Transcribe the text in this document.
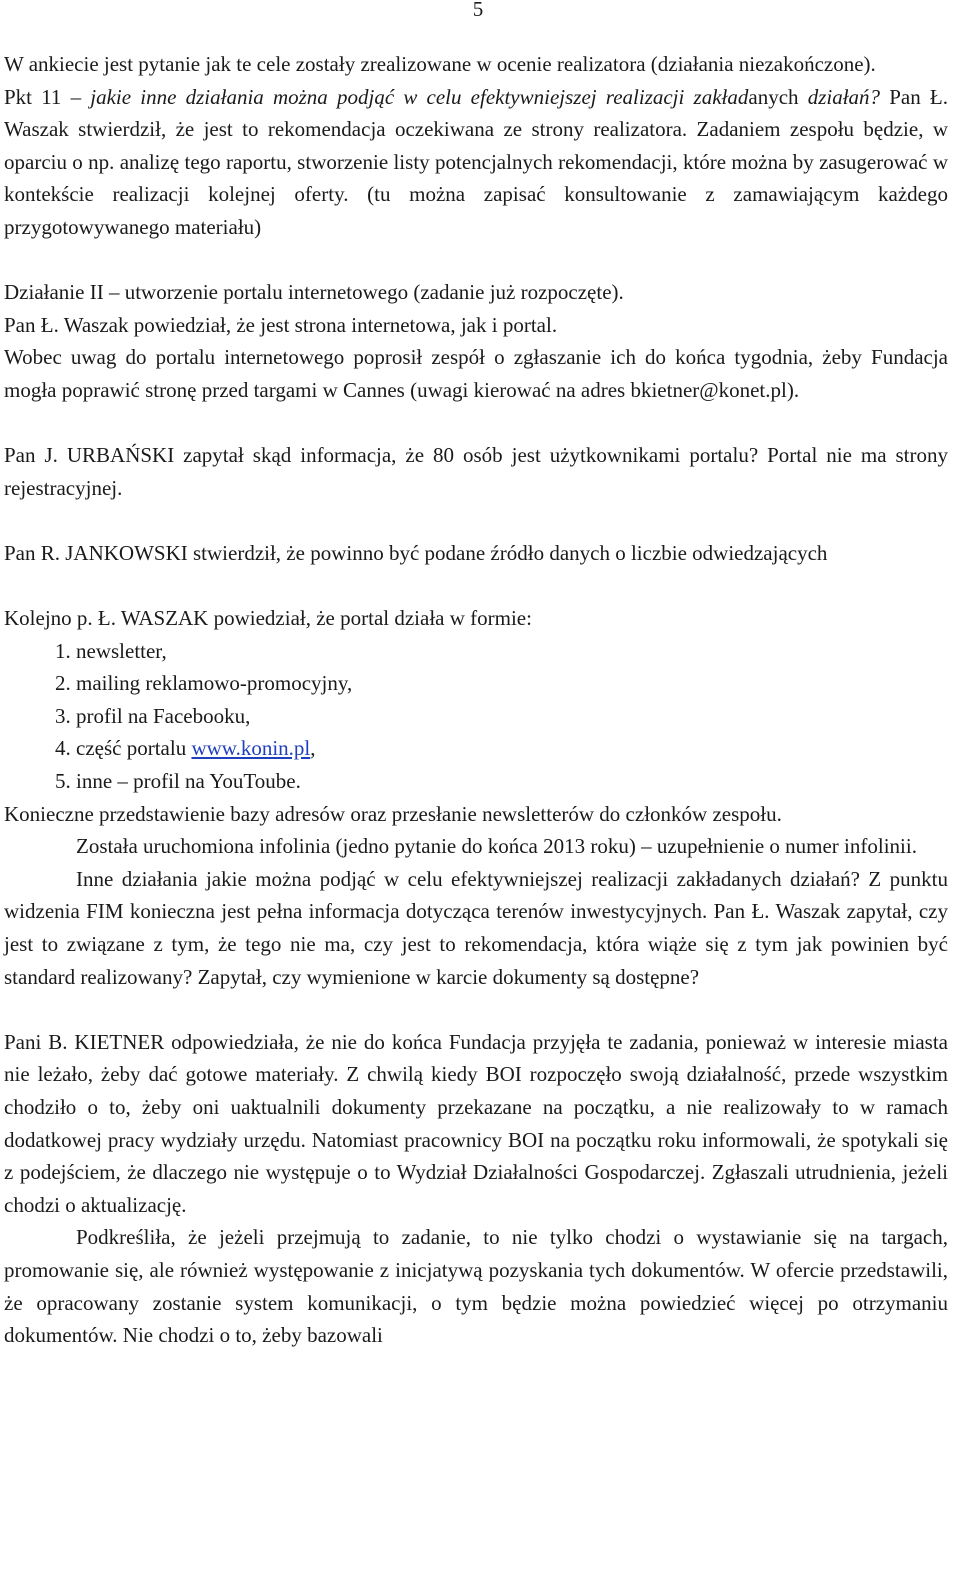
5

W ankiecie jest pytanie jak te cele zostały zrealizowane w ocenie realizatora (działania niezakończone).

Pkt 11 – jakie inne działania można podjąć w celu efektywniejszej realizacji zakładanych działań? Pan Ł. Waszak stwierdził, że jest to rekomendacja oczekiwana ze strony realizatora. Zadaniem zespołu będzie, w oparciu o np. analizę tego raportu, stworzenie listy potencjalnych rekomendacji, które można by zasugerować w kontekście realizacji kolejnej oferty. (tu można zapisać konsultowanie z zamawiającym każdego przygotowywanego materiału)

Działanie II – utworzenie portalu internetowego (zadanie już rozpoczęte).

Pan Ł. Waszak powiedział, że jest strona internetowa, jak i portal.

Wobec uwag do portalu internetowego poprosił zespół o zgłaszanie ich do końca tygodnia, żeby Fundacja mogła poprawić stronę przed targami w Cannes (uwagi kierować na adres bkietner@konet.pl).

Pan J. URBAŃSKI zapytał skąd informacja, że 80 osób jest użytkownikami portalu? Portal nie ma strony rejestracyjnej.

Pan R. JANKOWSKI stwierdził, że powinno być podane źródło danych o liczbie odwiedzających

Kolejno p. Ł. WASZAK powiedział, że portal działa w formie:

1. newsletter,
2. mailing reklamowo-promocyjny,
3. profil na Facebooku,
4. część portalu www.konin.pl,
5. inne – profil na YouToube.

Konieczne przedstawienie bazy adresów oraz przesłanie newsletterów do członków zespołu.

Została uruchomiona infolinia (jedno pytanie do końca 2013 roku) – uzupełnienie o numer infolinii.

Inne działania jakie można podjąć w celu efektywniejszej realizacji zakładanych działań? Z punktu widzenia FIM konieczna jest pełna informacja dotycząca terenów inwestycyjnych. Pan Ł. Waszak zapytał, czy jest to związane z tym, że tego nie ma, czy jest to rekomendacja, która wiąże się z tym jak powinien być standard realizowany? Zapytał, czy wymienione w karcie dokumenty są dostępne?

Pani B. KIETNER odpowiedziała, że nie do końca Fundacja przyjęła te zadania, ponieważ w interesie miasta nie leżało, żeby dać gotowe materiały. Z chwilą kiedy BOI rozpoczęło swoją działalność, przede wszystkim chodziło o to, żeby oni uaktualnili dokumenty przekazane na początku, a nie realizowały to w ramach dodatkowej pracy wydziały urzędu. Natomiast pracownicy BOI na początku roku informowali, że spotykali się z podejściem, że dlaczego nie występuje o to Wydział Działalności Gospodarczej. Zgłaszali utrudnienia, jeżeli chodzi o aktualizację.

Podkreśliła, że jeżeli przejmują to zadanie, to nie tylko chodzi o wystawianie się na targach, promowanie się, ale również występowanie z inicjatywą pozyskania tych dokumentów. W ofercie przedstawili, że opracowany zostanie system komunikacji, o tym będzie można powiedzieć więcej po otrzymaniu dokumentów. Nie chodzi o to, żeby bazowali
